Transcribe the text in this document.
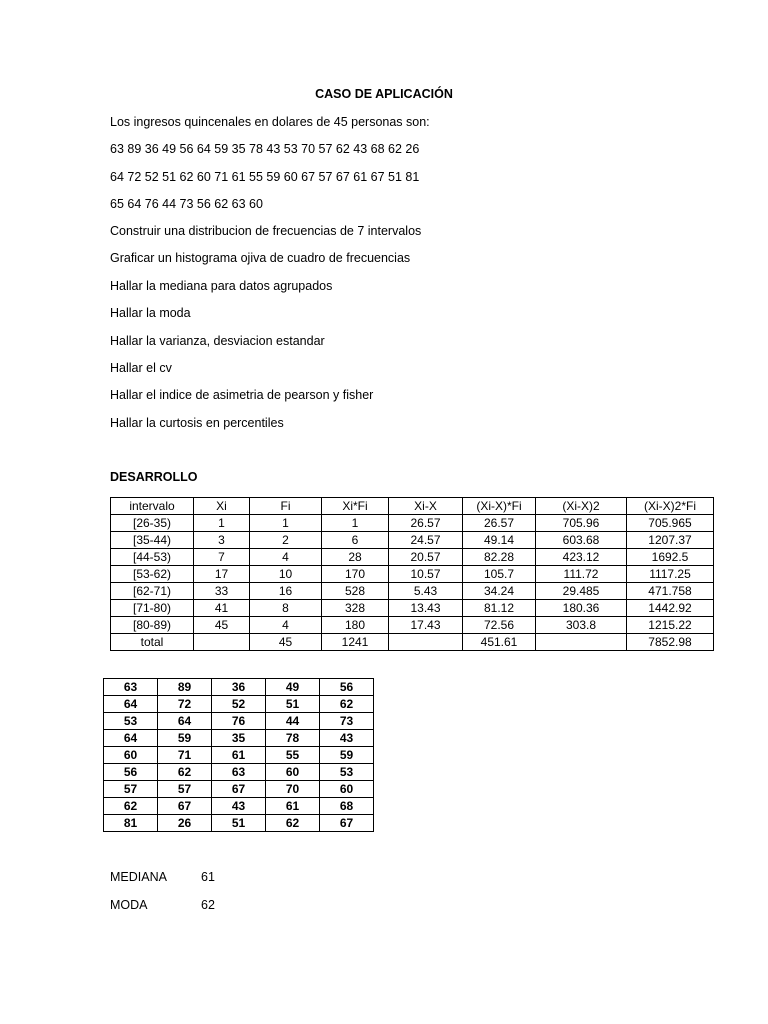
CASO DE APLICACIÓN
Los ingresos quincenales en dolares de 45 personas son:
63 89 36 49 56 64 59 35 78 43 53 70 57 62 43 68 62 26
64 72 52 51 62 60 71 61 55 59 60 67 57 67 61 67 51 81
65 64 76 44 73 56 62 63 60
Construir una distribucion de frecuencias de 7 intervalos
Graficar un histograma ojiva de cuadro de frecuencias
Hallar la mediana para datos agrupados
Hallar la moda
Hallar la varianza, desviacion estandar
Hallar el cv
Hallar el indice de asimetria de pearson y fisher
Hallar la curtosis en percentiles
DESARROLLO
intervalo	Xi	Fi	Xi*Fi	Xi-X	(Xi-X)*Fi	(Xi-X)2	(Xi-X)2*Fi
[26-35)	1	1	1	26.57	26.57	705.96	705.965
[35-44)	3	2	6	24.57	49.14	603.68	1207.37
[44-53)	7	4	28	20.57	82.28	423.12	1692.5
[53-62)	17	10	170	10.57	105.7	111.72	1117.25
[62-71)	33	16	528	5.43	34.24	29.485	471.758
[71-80)	41	8	328	13.43	81.12	180.36	1442.92
[80-89)	45	4	180	17.43	72.56	303.8	1215.22
total		45	1241		451.61		7852.98
63	89	36	49	56
64	72	52	51	62
53	64	76	44	73
64	59	35	78	43
60	71	61	55	59
56	62	63	60	53
57	57	67	70	60
62	67	43	61	68
81	26	51	62	67
MEDIANA	61
MODA	62
